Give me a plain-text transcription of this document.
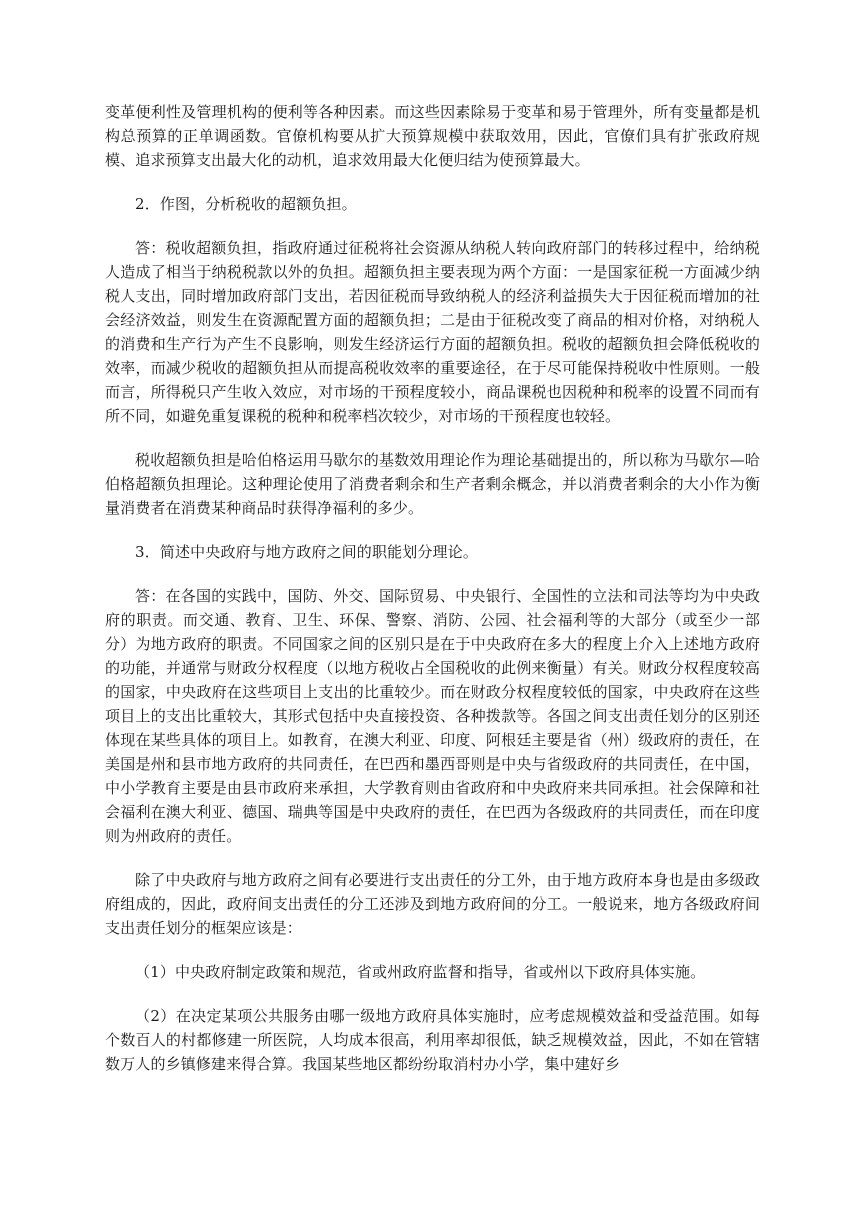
变革便利性及管理机构的便利等各种因素。而这些因素除易于变革和易于管理外，所有变量都是机构总预算的正单调函数。官僚机构要从扩大预算规模中获取效用，因此，官僚们具有扩张政府规模、追求预算支出最大化的动机，追求效用最大化便归结为使预算最大。

2．作图，分析税收的超额负担。

答：税收超额负担，指政府通过征税将社会资源从纳税人转向政府部门的转移过程中，给纳税人造成了相当于纳税税款以外的负担。超额负担主要表现为两个方面：一是国家征税一方面减少纳税人支出，同时增加政府部门支出，若因征税而导致纳税人的经济利益损失大于因征税而增加的社会经济效益，则发生在资源配置方面的超额负担；二是由于征税改变了商品的相对价格，对纳税人的消费和生产行为产生不良影响，则发生经济运行方面的超额负担。税收的超额负担会降低税收的效率，而减少税收的超额负担从而提高税收效率的重要途径，在于尽可能保持税收中性原则。一般而言，所得税只产生收入效应，对市场的干预程度较小，商品课税也因税种和税率的设置不同而有所不同，如避免重复课税的税种和税率档次较少，对市场的干预程度也较轻。

税收超额负担是哈伯格运用马歇尔的基数效用理论作为理论基础提出的，所以称为马歇尔—哈伯格超额负担理论。这种理论使用了消费者剩余和生产者剩余概念，并以消费者剩余的大小作为衡量消费者在消费某种商品时获得净福利的多少。

3．简述中央政府与地方政府之间的职能划分理论。

答：在各国的实践中，国防、外交、国际贸易、中央银行、全国性的立法和司法等均为中央政府的职责。而交通、教育、卫生、环保、警察、消防、公园、社会福利等的大部分（或至少一部分）为地方政府的职责。不同国家之间的区别只是在于中央政府在多大的程度上介入上述地方政府的功能，并通常与财政分权程度（以地方税收占全国税收的此例来衡量）有关。财政分权程度较高的国家，中央政府在这些项目上支出的比重较少。而在财政分权程度较低的国家，中央政府在这些项目上的支出比重较大，其形式包括中央直接投资、各种拨款等。各国之间支出责任划分的区别还体现在某些具体的项目上。如教育，在澳大利亚、印度、阿根廷主要是省（州）级政府的责任，在美国是州和县市地方政府的共同责任，在巴西和墨西哥则是中央与省级政府的共同责任，在中国，中小学教育主要是由县市政府来承担，大学教育则由省政府和中央政府来共同承担。社会保障和社会福利在澳大利亚、德国、瑞典等国是中央政府的责任，在巴西为各级政府的共同责任，而在印度则为州政府的责任。

除了中央政府与地方政府之间有必要进行支出责任的分工外，由于地方政府本身也是由多级政府组成的，因此，政府间支出责任的分工还涉及到地方政府间的分工。一般说来，地方各级政府间支出责任划分的框架应该是：

（1）中央政府制定政策和规范，省或州政府监督和指导，省或州以下政府具体实施。

（2）在决定某项公共服务由哪一级地方政府具体实施时，应考虑规模效益和受益范围。如每个数百人的村都修建一所医院，人均成本很高，利用率却很低，缺乏规模效益，因此，不如在管辖数万人的乡镇修建来得合算。我国某些地区都纷纷取消村办小学，集中建好乡
